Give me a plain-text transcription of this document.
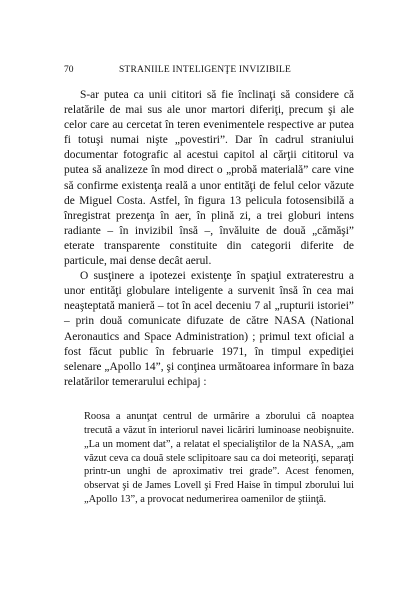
70	STRANIILE INTELIGENŢE INVIZIBILE

S-ar putea ca unii cititori să fie înclinaţi să considere că relatările de mai sus ale unor martori diferiţi, precum şi ale celor care au cercetat în teren evenimentele respective ar putea fi totuşi numai nişte „povestiri”. Dar în cadrul straniului documentar fotografic al acestui capitol al cărţii cititorul va putea să analizeze în mod direct o „probă materială” care vine să confirme existenţa reală a unor entităţi de felul celor văzute de Miguel Costa. Astfel, în figura 13 pelicula fotosensibilă a înregistrat prezenţa în aer, în plină zi, a trei globuri intens radiante – în invizibil însă –, învăluite de două „cămăşi” eterate transparente constituite din categorii diferite de particule, mai dense decât aerul.

O susţinere a ipotezei existenţe în spaţiul extraterestru a unor entităţi globulare inteligente a survenit însă în cea mai neaşteptată manieră – tot în acel deceniu 7 al „rupturii istoriei” – prin două comunicate difuzate de către NASA (National Aeronautics and Space Administration) ; primul text oficial a fost făcut public în februarie 1971, în timpul expediţiei selenare „Apollo 14”, şi conţinea următoarea informare în baza relatărilor temerarului echipaj :

Roosa a anunţat centrul de urmărire a zborului că noaptea trecută a văzut în interiorul navei licăriri luminoase neobişnuite. „La un moment dat”, a relatat el specialiştilor de la NASA, „am văzut ceva ca două stele sclipitoare sau ca doi meteoriţi, separaţi printr-un unghi de aproximativ trei grade”. Acest fenomen, observat şi de James Lovell şi Fred Haise în timpul zborului lui „Apollo 13”, a provocat nedumerirea oamenilor de ştiinţă.
